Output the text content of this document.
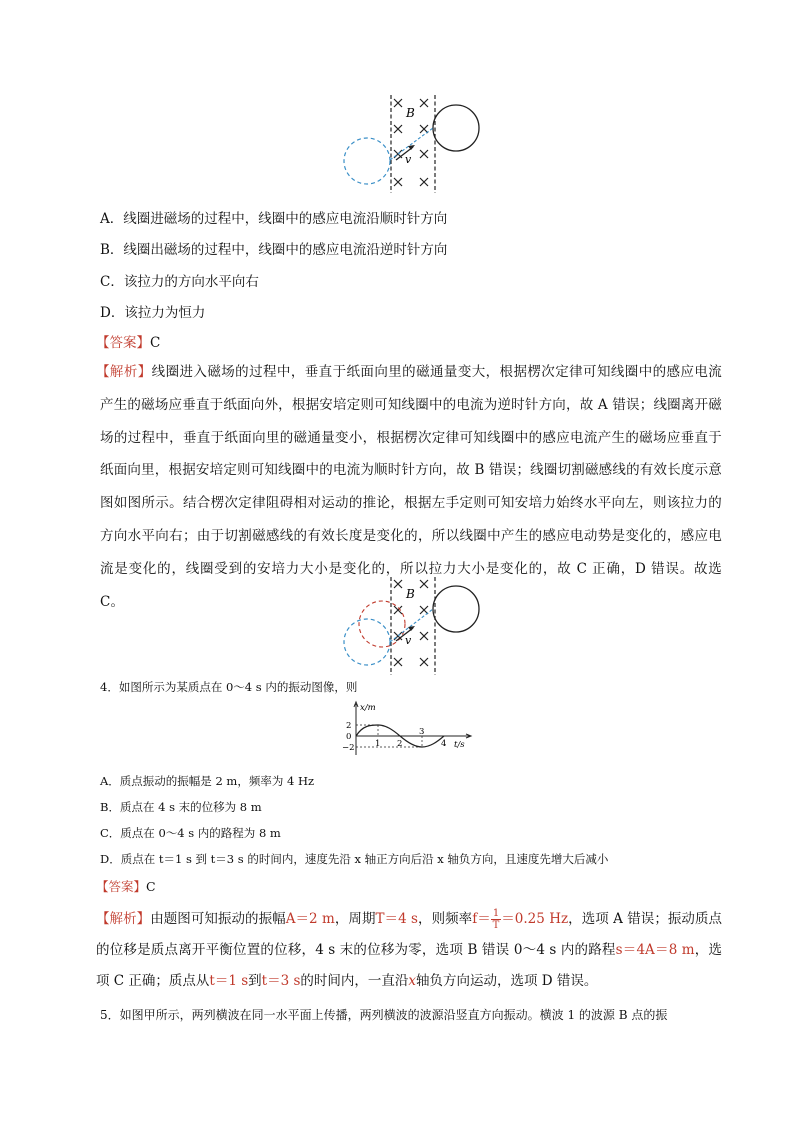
B
v
A．线圈进磁场的过程中，线圈中的感应电流沿顺时针方向
B．线圈出磁场的过程中，线圈中的感应电流沿逆时针方向
C．该拉力的方向水平向右
D．该拉力为恒力
【答案】C
【解析】线圈进入磁场的过程中，垂直于纸面向里的磁通量变大，根据楞次定律可知线圈中的感应电流产生的磁场应垂直于纸面向外，根据安培定则可知线圈中的电流为逆时针方向，故 A 错误；线圈离开磁场的过程中，垂直于纸面向里的磁通量变小，根据楞次定律可知线圈中的感应电流产生的磁场应垂直于纸面向里，根据安培定则可知线圈中的电流为顺时针方向，故 B 错误；线圈切割磁感线的有效长度示意图如图所示。结合楞次定律阻碍相对运动的推论，根据左手定则可知安培力始终水平向左，则该拉力的方向水平向右；由于切割磁感线的有效长度是变化的，所以线圈中产生的感应电动势是变化的，感应电流是变化的，线圈受到的安培力大小是变化的，所以拉力大小是变化的，故 C 正确，D 错误。故选 C。	B
v
4．如图所示为某质点在 0～4 s 内的振动图像，则
x/m
t/s
2
0
−2 1 2
3
4
A．质点振动的振幅是 2 m，频率为 4 Hz
B．质点在 4 s 末的位移为 8 m
C．质点在 0～4 s 内的路程为 8 m
D．质点在 t＝1 s 到 t＝3 s 的时间内，速度先沿 x 轴正方向后沿 x 轴负方向，且速度先增大后减小
【答案】C
【解析】由题图可知振动的振幅A＝2 m，周期T＝4 s，则频率$f= \frac{1}{T} =0.25$ Hz，选项 A 错误；振动质点的位移是质点离开平衡位置的位移，4 s 末的位移为零，选项 B 错误 0～4 s 内的路程s＝4A＝8 m，选项 C 正确；质点从t＝1 s到t＝3 s的时间内，一直沿x轴负方向运动，选项 D 错误。
5．如图甲所示，两列横波在同一水平面上传播，两列横波的波源沿竖直方向振动。横波 1 的波源 B 点的振
